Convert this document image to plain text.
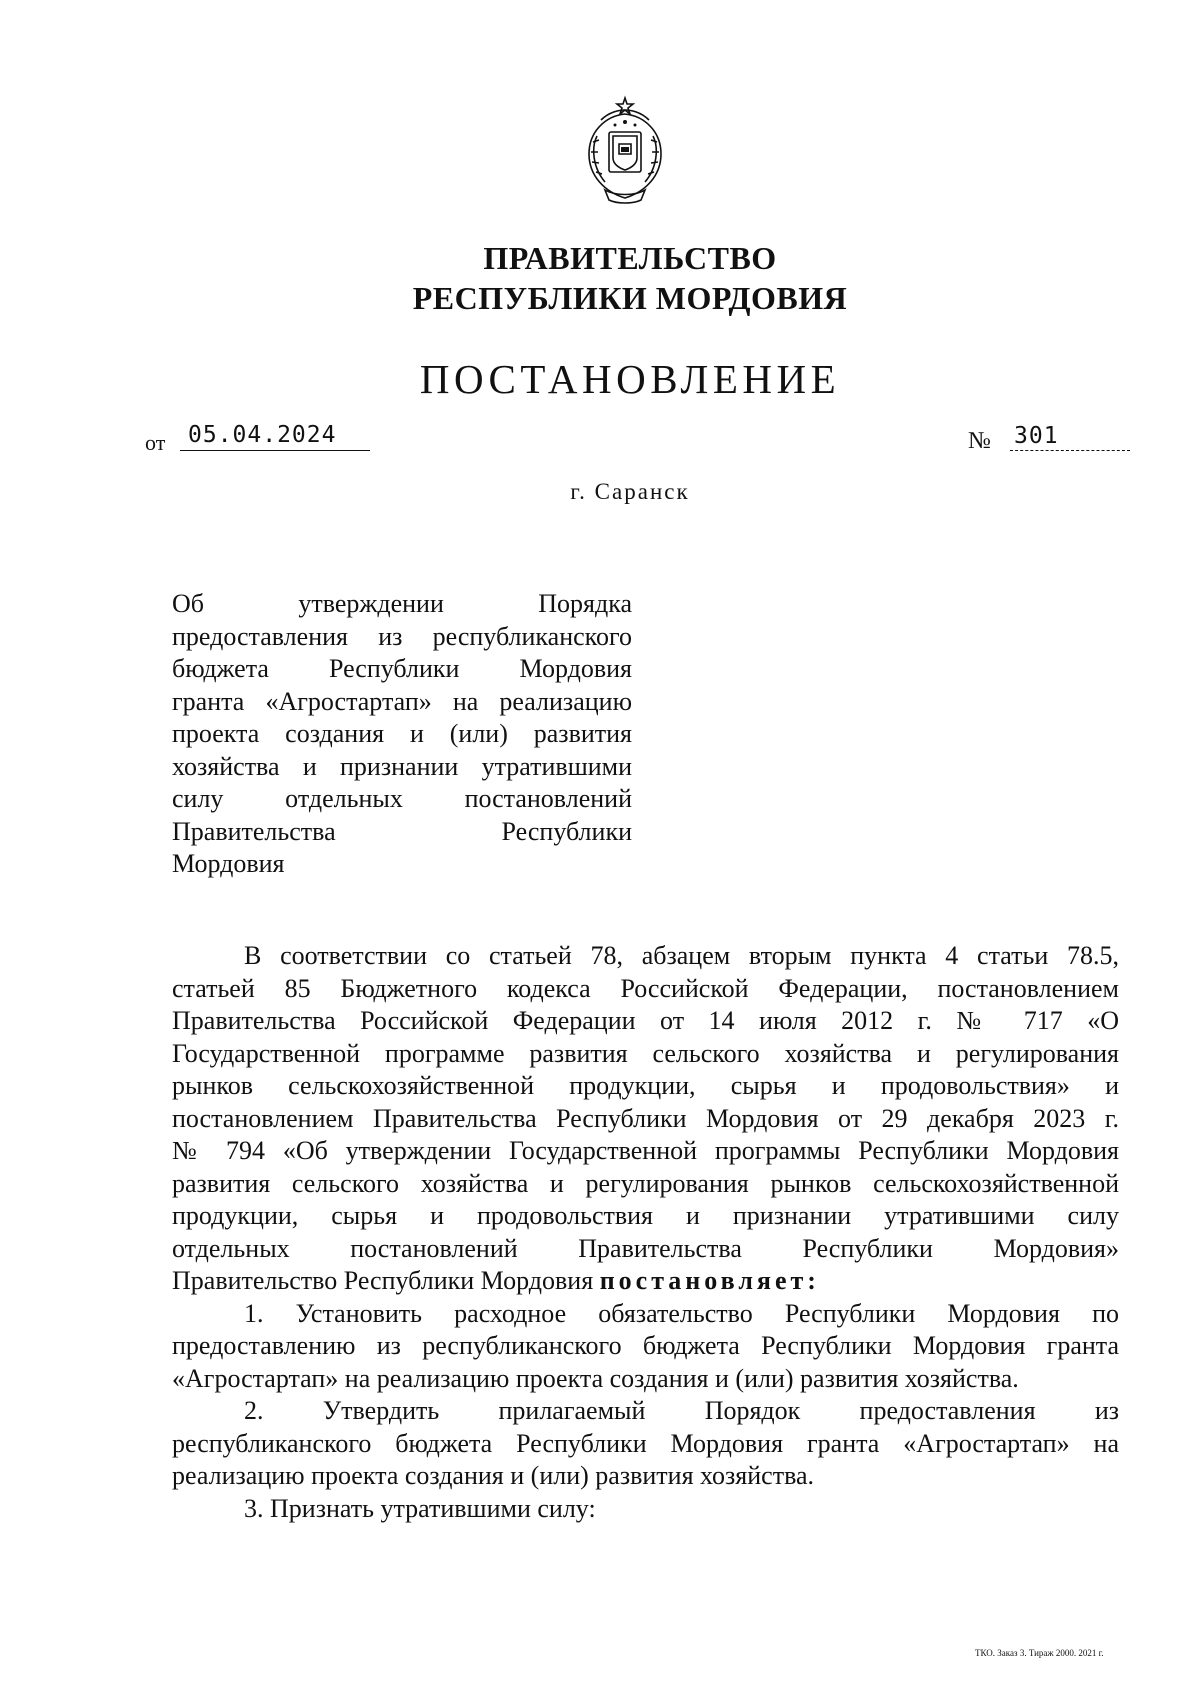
ПРАВИТЕЛЬСТВО
РЕСПУБЛИКИ МОРДОВИЯ
ПОСТАНОВЛЕНИЕ
от 05.04.2024	№ 301
г. Саранск
Об утверждении Порядка
предоставления из республиканского
бюджета Республики Мордовия
гранта «Агростартап» на реализацию
проекта создания и (или) развития
хозяйства и признании утратившими
силу отдельных постановлений
Правительства Республики
Мордовия
В соответствии со статьей 78, абзацем вторым пункта 4 статьи 78.5,
статьей 85 Бюджетного кодекса Российской Федерации, постановлением
Правительства Российской Федерации от 14 июля 2012 г. № 717 «О
Государственной программе развития сельского хозяйства и регулирования
рынков сельскохозяйственной продукции, сырья и продовольствия» и
постановлением Правительства Республики Мордовия от 29 декабря 2023 г.
№ 794 «Об утверждении Государственной программы Республики Мордовия
развития сельского хозяйства и регулирования рынков сельскохозяйственной
продукции, сырья и продовольствия и признании утратившими силу
отдельных постановлений Правительства Республики Мордовия»
Правительство Республики Мордовия постановляет:
1. Установить расходное обязательство Республики Мордовия по
предоставлению из республиканского бюджета Республики Мордовия гранта
«Агростартап» на реализацию проекта создания и (или) развития хозяйства.
2. Утвердить прилагаемый Порядок предоставления из
республиканского бюджета Республики Мордовия гранта «Агростартап» на
реализацию проекта создания и (или) развития хозяйства.
3. Признать утратившими силу:
ТКО. Заказ 3. Тираж 2000. 2021 г.
